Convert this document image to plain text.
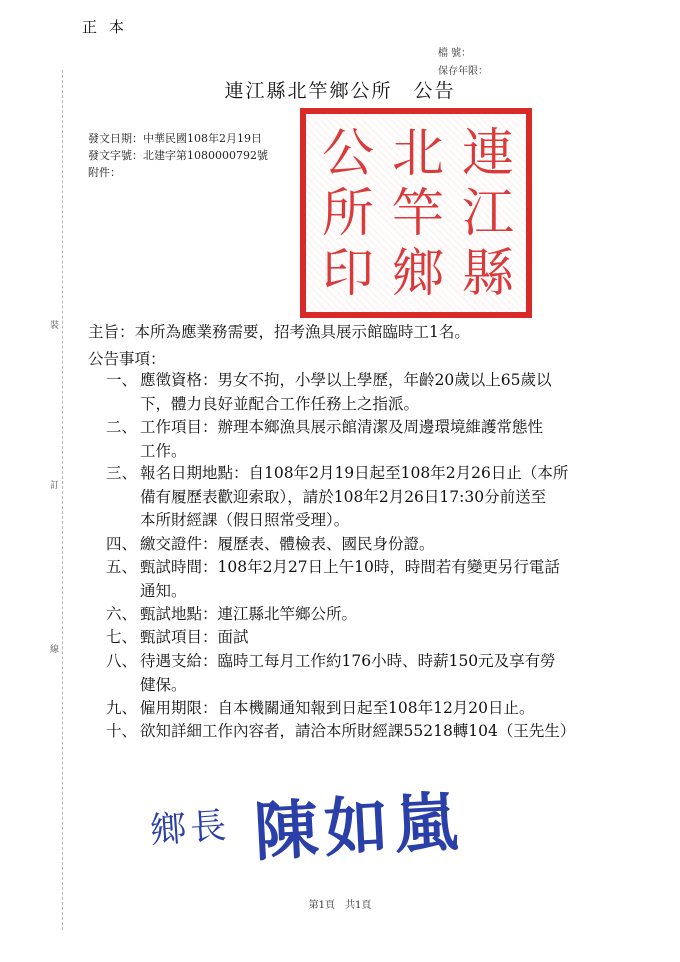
正本
檔 號：
保存年限：
連江縣北竿鄉公所　公告
發文日期：中華民國108年2月19日
發文字號：北建字第1080000792號
附件：
裝
訂
線
連
江
縣
北
竿
鄉
公
所
印
主旨：本所為應業務需要，招考漁具展示館臨時工1名。
公告事項：
一、 應徵資格：男女不拘，小學以上學歷，年齡20歲以上65歲以
下，體力良好並配合工作任務上之指派。
二、 工作項目：辦理本鄉漁具展示館清潔及周邊環境維護常態性
工作。
三、 報名日期地點：自108年2月19日起至108年2月26日止（本所
備有履歷表歡迎索取），請於108年2月26日17:30分前送至
本所財經課（假日照常受理）。
四、 繳交證件：履歷表、體檢表、國民身份證。
五、 甄試時間：108年2月27日上午10時，時間若有變更另行電話
通知。
六、 甄試地點：連江縣北竿鄉公所。
七、 甄試項目：面試
八、 待遇支給：臨時工每月工作約176小時、時薪150元及享有勞
健保。
九、 僱用期限：自本機關通知報到日起至108年12月20日止。
十、 欲知詳細工作內容者，請洽本所財經課55218轉104（王先生）
鄉長 陳如嵐
第1頁　共1頁
